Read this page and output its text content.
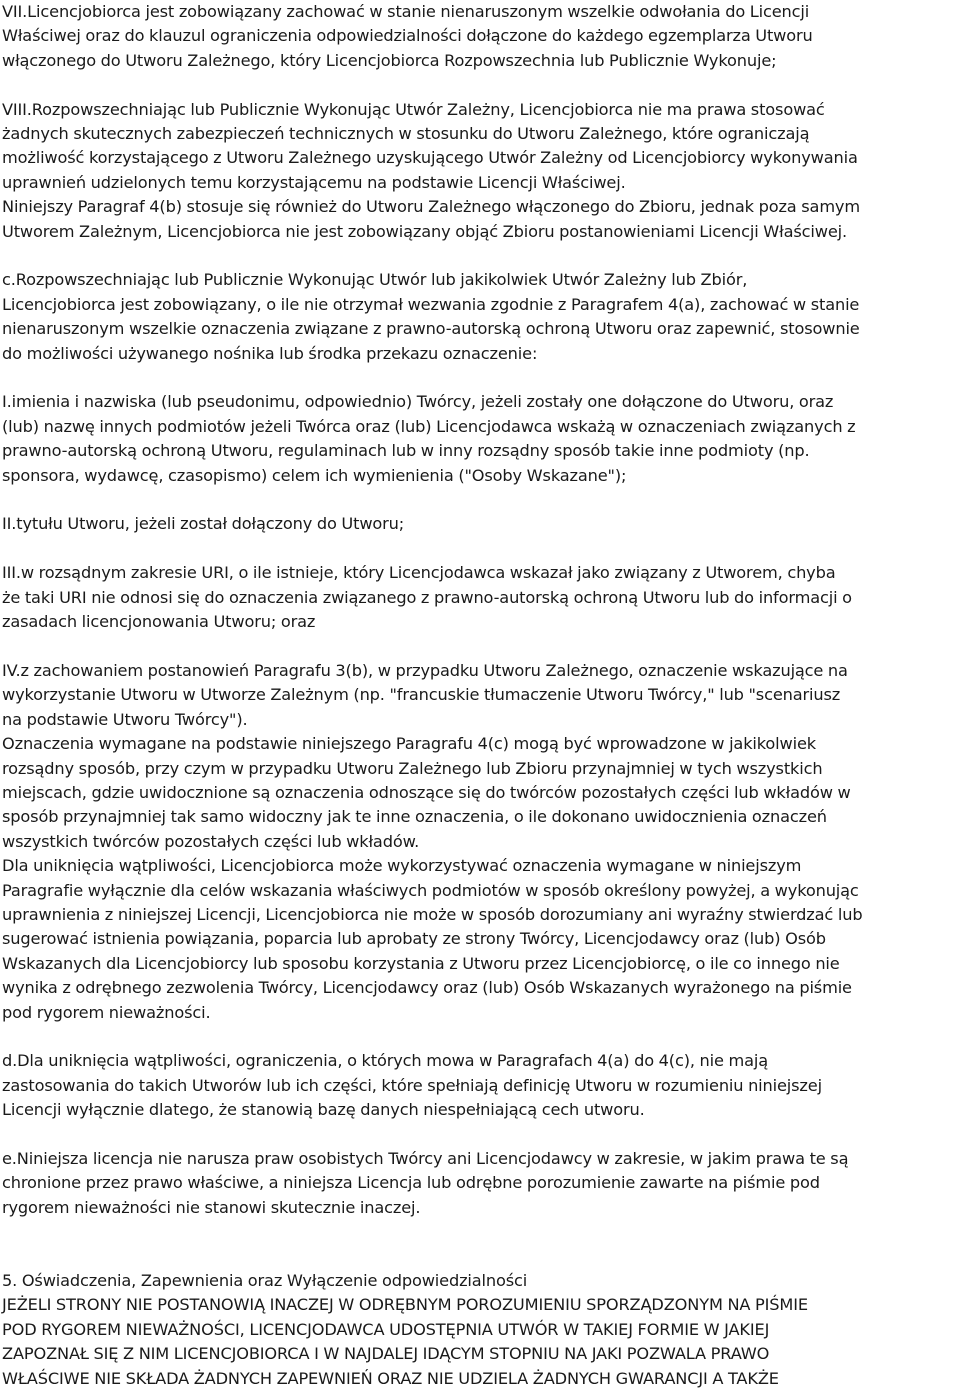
VII.Licencjobiorca jest zobowiązany zachować w stanie nienaruszonym wszelkie odwołania do Licencji
Właściwej oraz do klauzul ograniczenia odpowiedzialności dołączone do każdego egzemplarza Utworu
włączonego do Utworu Zależnego, który Licencjobiorca Rozpowszechnia lub Publicznie Wykonuje;
VIII.Rozpowszechniając lub Publicznie Wykonując Utwór Zależny, Licencjobiorca nie ma prawa stosować
żadnych skutecznych zabezpieczeń technicznych w stosunku do Utworu Zależnego, które ograniczają
możliwość korzystającego z Utworu Zależnego uzyskującego Utwór Zależny od Licencjobiorcy wykonywania
uprawnień udzielonych temu korzystającemu na podstawie Licencji Właściwej.
Niniejszy Paragraf 4(b) stosuje się również do Utworu Zależnego włączonego do Zbioru, jednak poza samym
Utworem Zależnym, Licencjobiorca nie jest zobowiązany objąć Zbioru postanowieniami Licencji Właściwej.
c.Rozpowszechniając lub Publicznie Wykonując Utwór lub jakikolwiek Utwór Zależny lub Zbiór,
Licencjobiorca jest zobowiązany, o ile nie otrzymał wezwania zgodnie z Paragrafem 4(a), zachować w stanie
nienaruszonym wszelkie oznaczenia związane z prawno-autorską ochroną Utworu oraz zapewnić, stosownie
do możliwości używanego nośnika lub środka przekazu oznaczenie:
I.imienia i nazwiska (lub pseudonimu, odpowiednio) Twórcy, jeżeli zostały one dołączone do Utworu, oraz
(lub) nazwę innych podmiotów jeżeli Twórca oraz (lub) Licencjodawca wskażą w oznaczeniach związanych z
prawno-autorską ochroną Utworu, regulaminach lub w inny rozsądny sposób takie inne podmioty (np.
sponsora, wydawcę, czasopismo) celem ich wymienienia ("Osoby Wskazane");
II.tytułu Utworu, jeżeli został dołączony do Utworu;
III.w rozsądnym zakresie URI, o ile istnieje, który Licencjodawca wskazał jako związany z Utworem, chyba
że taki URI nie odnosi się do oznaczenia związanego z prawno-autorską ochroną Utworu lub do informacji o
zasadach licencjonowania Utworu; oraz
IV.z zachowaniem postanowień Paragrafu 3(b), w przypadku Utworu Zależnego, oznaczenie wskazujące na
wykorzystanie Utworu w Utworze Zależnym (np. "francuskie tłumaczenie Utworu Twórcy," lub "scenariusz
na podstawie Utworu Twórcy").
Oznaczenia wymagane na podstawie niniejszego Paragrafu 4(c) mogą być wprowadzone w jakikolwiek
rozsądny sposób, przy czym w przypadku Utworu Zależnego lub Zbioru przynajmniej w tych wszystkich
miejscach, gdzie uwidocznione są oznaczenia odnoszące się do twórców pozostałych części lub wkładów w
sposób przynajmniej tak samo widoczny jak te inne oznaczenia, o ile dokonano uwidocznienia oznaczeń
wszystkich twórców pozostałych części lub wkładów.
Dla uniknięcia wątpliwości, Licencjobiorca może wykorzystywać oznaczenia wymagane w niniejszym
Paragrafie wyłącznie dla celów wskazania właściwych podmiotów w sposób określony powyżej, a wykonując
uprawnienia z niniejszej Licencji, Licencjobiorca nie może w sposób dorozumiany ani wyraźny stwierdzać lub
sugerować istnienia powiązania, poparcia lub aprobaty ze strony Twórcy, Licencjodawcy oraz (lub) Osób
Wskazanych dla Licencjobiorcy lub sposobu korzystania z Utworu przez Licencjobiorcę, o ile co innego nie
wynika z odrębnego zezwolenia Twórcy, Licencjodawcy oraz (lub) Osób Wskazanych wyrażonego na piśmie
pod rygorem nieważności.
d.Dla uniknięcia wątpliwości, ograniczenia, o których mowa w Paragrafach 4(a) do 4(c), nie mają
zastosowania do takich Utworów lub ich części, które spełniają definicję Utworu w rozumieniu niniejszej
Licencji wyłącznie dlatego, że stanowią bazę danych niespełniającą cech utworu.
e.Niniejsza licencja nie narusza praw osobistych Twórcy ani Licencjodawcy w zakresie, w jakim prawa te są
chronione przez prawo właściwe, a niniejsza Licencja lub odrębne porozumienie zawarte na piśmie pod
rygorem nieważności nie stanowi skutecznie inaczej.
5. Oświadczenia, Zapewnienia oraz Wyłączenie odpowiedzialności
JEŻELI STRONY NIE POSTANOWIĄ INACZEJ W ODRĘBNYM POROZUMIENIU SPORZĄDZONYM NA PIŚMIE
POD RYGOREM NIEWAŻNOŚCI, LICENCJODAWCA UDOSTĘPNIA UTWÓR W TAKIEJ FORMIE W JAKIEJ
ZAPOZNAŁ SIĘ Z NIM LICENCJOBIORCA I W NAJDALEJ IDĄCYM STOPNIU NA JAKI POZWALA PRAWO
WŁAŚCIWE NIE SKŁADA ŻADNYCH ZAPEWNIEŃ ORAZ NIE UDZIELA ŻADNYCH GWARANCJI A TAKŻE
